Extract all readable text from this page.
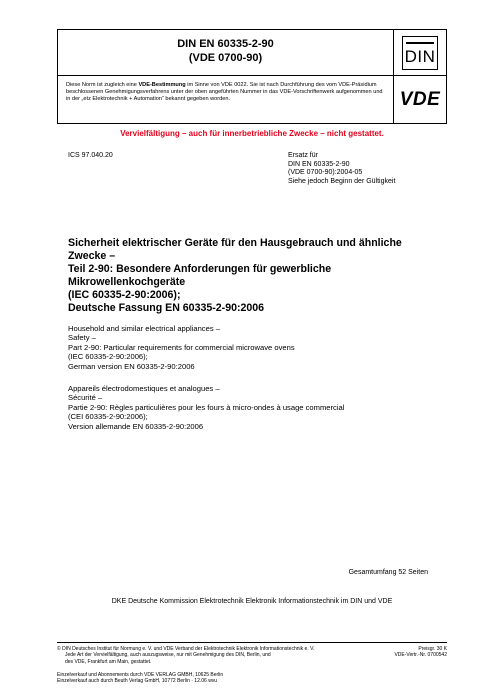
DIN EN 60335-2-90
(VDE 0700-90)	DIN

Diese Norm ist zugleich eine VDE-Bestimmung im Sinne von VDE 0022. Sie ist nach Durchführung des vom VDE-Präsidium beschlossenen Genehmigungsverfahrens unter der oben angeführten Nummer in das VDE-Vorschriftenwerk aufgenommen und in der „etz Elektrotechnik + Automation“ bekannt gegeben worden.	VDE
Vervielfältigung – auch für innerbetriebliche Zwecke – nicht gestattet.
ICS 97.040.20	Ersatz für
DIN EN 60335-2-90
(VDE 0700-90):2004-05
Siehe jedoch Beginn der Gültigkeit
Sicherheit elektrischer Geräte für den Hausgebrauch und ähnliche
Zwecke –
Teil 2-90: Besondere Anforderungen für gewerbliche
Mikrowellenkochgeräte
(IEC 60335-2-90:2006);
Deutsche Fassung EN 60335-2-90:2006
Household and similar electrical appliances –
Safety –
Part 2-90: Particular requirements for commercial microwave ovens
(IEC 60335-2-90:2006);
German version EN 60335-2-90:2006
Appareils électrodomestiques et analogues –
Sécurité –
Partie 2-90: Règles particulières pour les fours à micro-ondes à usage commercial
(CEI 60335-2-90:2006);
Version allemande EN 60335-2-90:2006
Gesamtumfang 52 Seiten
DKE Deutsche Kommission Elektrotechnik Elektronik Informationstechnik im DIN und VDE
© DIN Deutsches Institut für Normung e. V. und VDE Verband der Elektrotechnik Elektronik Informationstechnik e. V.
Jede Art der Vervielfältigung, auch auszugsweise, nur mit Genehmigung des DIN, Berlin, und
des VDE, Frankfurt am Main, gestattet.
Preisgr. 30 K
VDE-Vertr.-Nr. 0700542
Einzelverkauf und Abonnements durch VDE VERLAG GMBH, 10625 Berlin
Einzelverkauf auch durch Beuth Verlag GmbH, 10772 Berlin · 12.06 wvu
